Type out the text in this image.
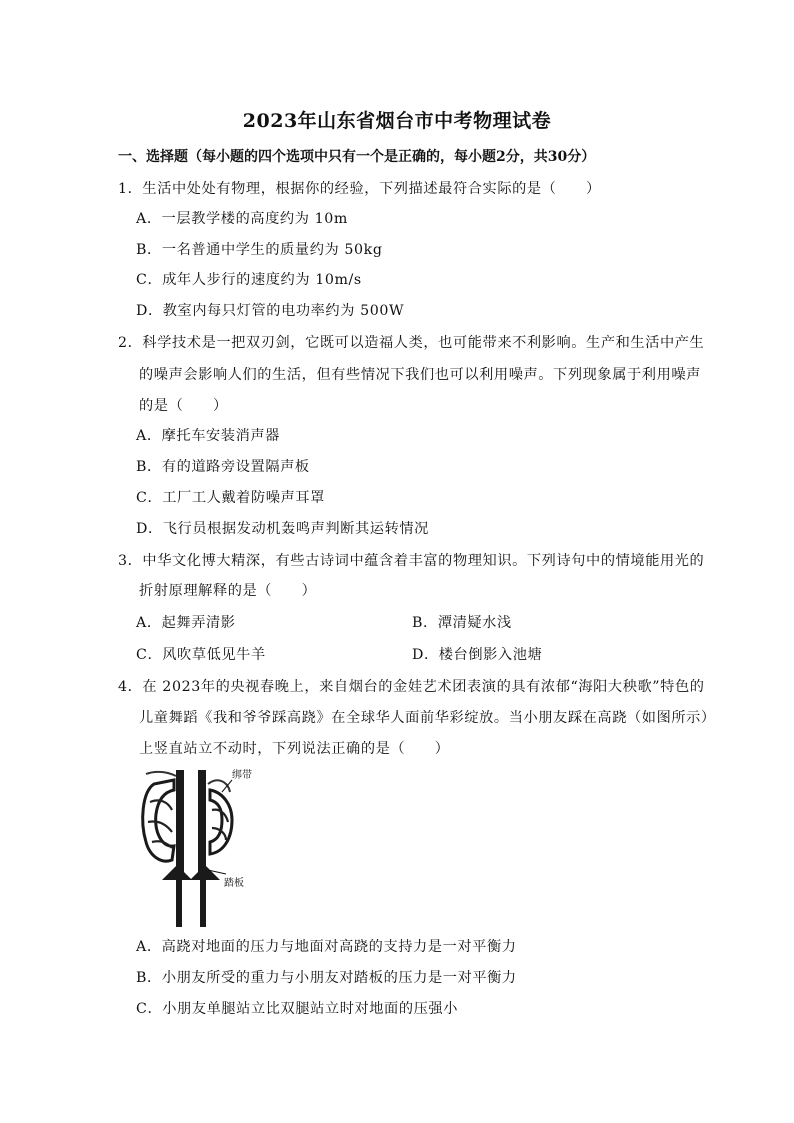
2023年山东省烟台市中考物理试卷
一、选择题（每小题的四个选项中只有一个是正确的，每小题2分，共30分）
1．生活中处处有物理，根据你的经验，下列描述最符合实际的是（　　）
A．一层教学楼的高度约为 10m
B．一名普通中学生的质量约为 50kg
C．成年人步行的速度约为 10m/s
D．教室内每只灯管的电功率约为 500W
2．科学技术是一把双刃剑，它既可以造福人类，也可能带来不利影响。生产和生活中产生
的噪声会影响人们的生活，但有些情况下我们也可以利用噪声。下列现象属于利用噪声
的是（　　）
A．摩托车安装消声器
B．有的道路旁设置隔声板
C．工厂工人戴着防噪声耳罩
D．飞行员根据发动机轰鸣声判断其运转情况
3．中华文化博大精深，有些古诗词中蕴含着丰富的物理知识。下列诗句中的情境能用光的
折射原理解释的是（　　）
A．起舞弄清影	B．潭清疑水浅
C．风吹草低见牛羊	D．楼台倒影入池塘
4．在 2023年的央视春晚上，来自烟台的金娃艺术团表演的具有浓郁“海阳大秧歌”特色的
儿童舞蹈《我和爷爷踩高跷》在全球华人面前华彩绽放。当小朋友踩在高跷（如图所示）
上竖直站立不动时，下列说法正确的是（　　）
绑带
踏板
A．高跷对地面的压力与地面对高跷的支持力是一对平衡力
B．小朋友所受的重力与小朋友对踏板的压力是一对平衡力
C．小朋友单腿站立比双腿站立时对地面的压强小
